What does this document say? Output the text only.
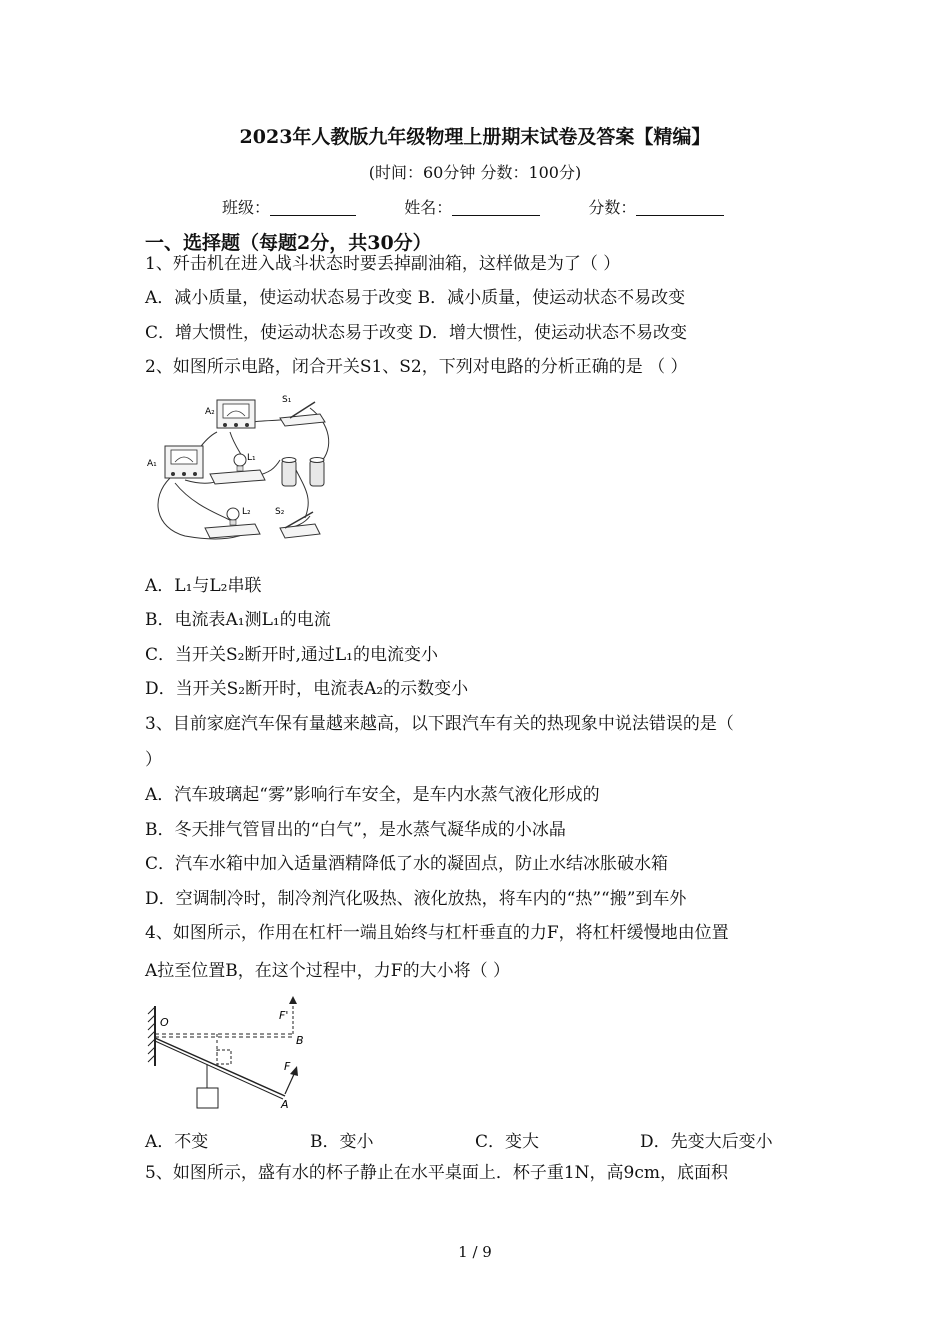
2023年人教版九年级物理上册期末试卷及答案【精编】
(时间：60分钟 分数：100分)
班级：	姓名：	分数：
一、选择题（每题2分，共30分）
1、歼击机在进入战斗状态时要丢掉副油箱，这样做是为了（ ）
A．减小质量，使运动状态易于改变 B．减小质量，使运动状态不易改变
C．增大惯性，使运动状态易于改变 D．增大惯性，使运动状态不易改变
2、如图所示电路，闭合开关S1、S2，下列对电路的分析正确的是 （ ）
A₂
A₁
S₁
L₁
L₂	S₂
A．L₁与L₂串联
B．电流表A₁测L₁的电流
C．当开关S₂断开时,通过L₁的电流变小
D．当开关S₂断开时，电流表A₂的示数变小
3、目前家庭汽车保有量越来越高，以下跟汽车有关的热现象中说法错误的是（
）
A．汽车玻璃起“雾”影响行车安全，是车内水蒸气液化形成的
B．冬天排气管冒出的“白气”，是水蒸气凝华成的小冰晶
C．汽车水箱中加入适量酒精降低了水的凝固点，防止水结冰胀破水箱
D．空调制冷时，制冷剂汽化吸热、液化放热，将车内的“热”“搬”到车外
4、如图所示，作用在杠杆一端且始终与杠杆垂直的力F，将杠杆缓慢地由位置
A拉至位置B，在这个过程中，力F的大小将（ ）
O
F'
B
F
A
A．不变	B．变小	C．变大	D．先变大后变小
5、如图所示，盛有水的杯子静止在水平桌面上．杯子重1N，高9cm，底面积
1 / 9
